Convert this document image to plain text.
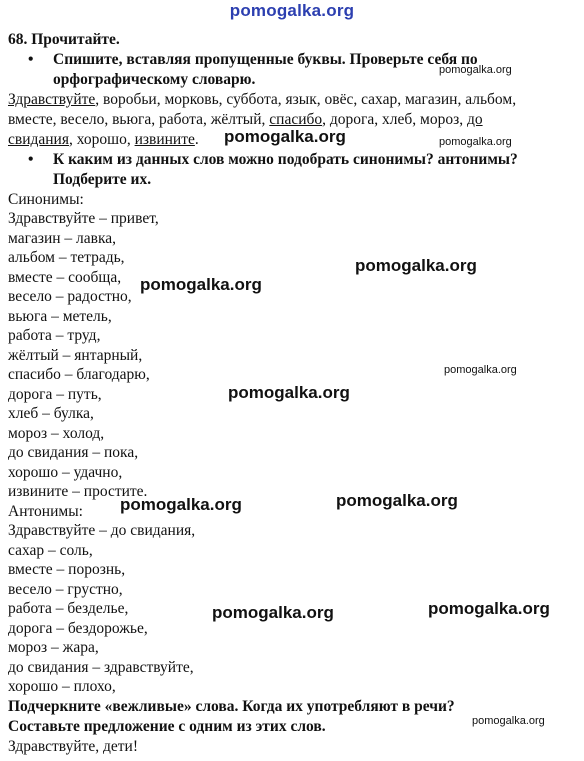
pomogalka.org
68. Прочитайте.
• Спишите, вставляя пропущенные буквы. Проверьте себя по
орфографическому словарю.
Здравствуйте, воробьи, морковь, суббота, язык, овёс, сахар, магазин, альбом,
вместе, весело, вьюга, работа, жёлтый, спасибо, дорога, хлеб, мороз, до
свидания, хорошо, извините.
• К каким из данных слов можно подобрать синонимы? антонимы?
Подберите их.
Синонимы:
Здравствуйте – привет,
магазин – лавка,
альбом – тетрадь,
вместе – сообща,
весело – радостно,
вьюга – метель,
работа – труд,
жёлтый – янтарный,
спасибо – благодарю,
дорога – путь,
хлеб – булка,
мороз – холод,
до свидания – пока,
хорошо – удачно,
извините – простите.
Антонимы:
Здравствуйте – до свидания,
сахар – соль,
вместе – порознь,
весело – грустно,
работа – безделье,
дорога – бездорожье,
мороз – жара,
до свидания – здравствуйте,
хорошо – плохо,
Подчеркните «вежливые» слова. Когда их употребляют в речи?
Составьте предложение с одним из этих слов.
Здравствуйте, дети!
pomogalka.org
pomogalka.org	pomogalka.org
pomogalka.org
pomogalka.org
pomogalka.org
pomogalka.org
pomogalka.org	pomogalka.org
pomogalka.org	pomogalka.org
pomogalka.org
